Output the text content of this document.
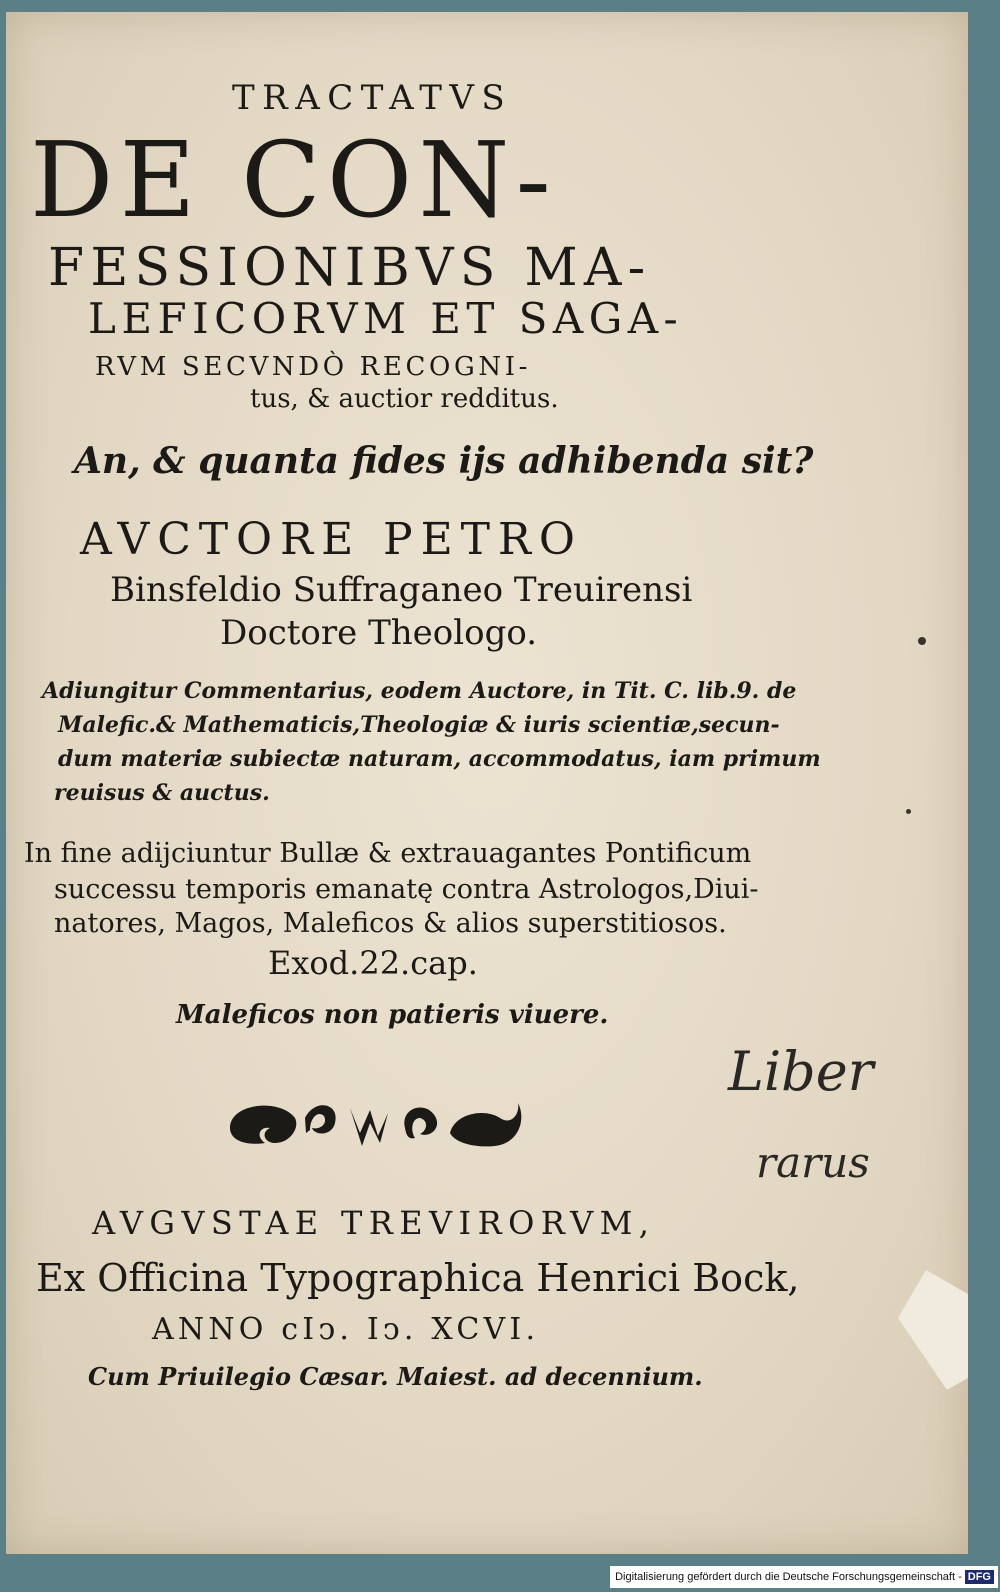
TRACTATVS
DE CON-
FESSIONIBVS MA-
LEFICORVM ET SAGA-
RVM SECVNDÒ RECOGNI-
tus, & auctior redditus.
An, & quanta fides ijs adhibenda sit?
AVCTORE PETRO
Binsfeldio Suffraganeo Treuirensi
Doctore Theologo.
Adiungitur Commentarius, eodem Auctore, in Tit. C. lib.9. de
Malefic.& Mathematicis,Theologiæ & iuris scientiæ,secun-
dum materiæ subiectæ naturam, accommodatus, iam primum
reuisus & auctus.
In fine adijciuntur Bullæ & extrauagantes Pontificum
successu temporis emanatę contra Astrologos,Diui-
natores, Magos, Maleficos & alios superstitiosos.
Exod.22.cap.
Maleficos non patieris viuere.
AVGVSTAE TREVIRORVM,
Ex Officina Typographica Henrici Bock,
ANNO cIↄ. Iↄ. XCVI.
Cum Priuilegio Cæsar. Maiest. ad decennium.
Liber
rarus
Digitalisierung gefördert durch die Deutsche Forschungsgemeinschaft - DFG
